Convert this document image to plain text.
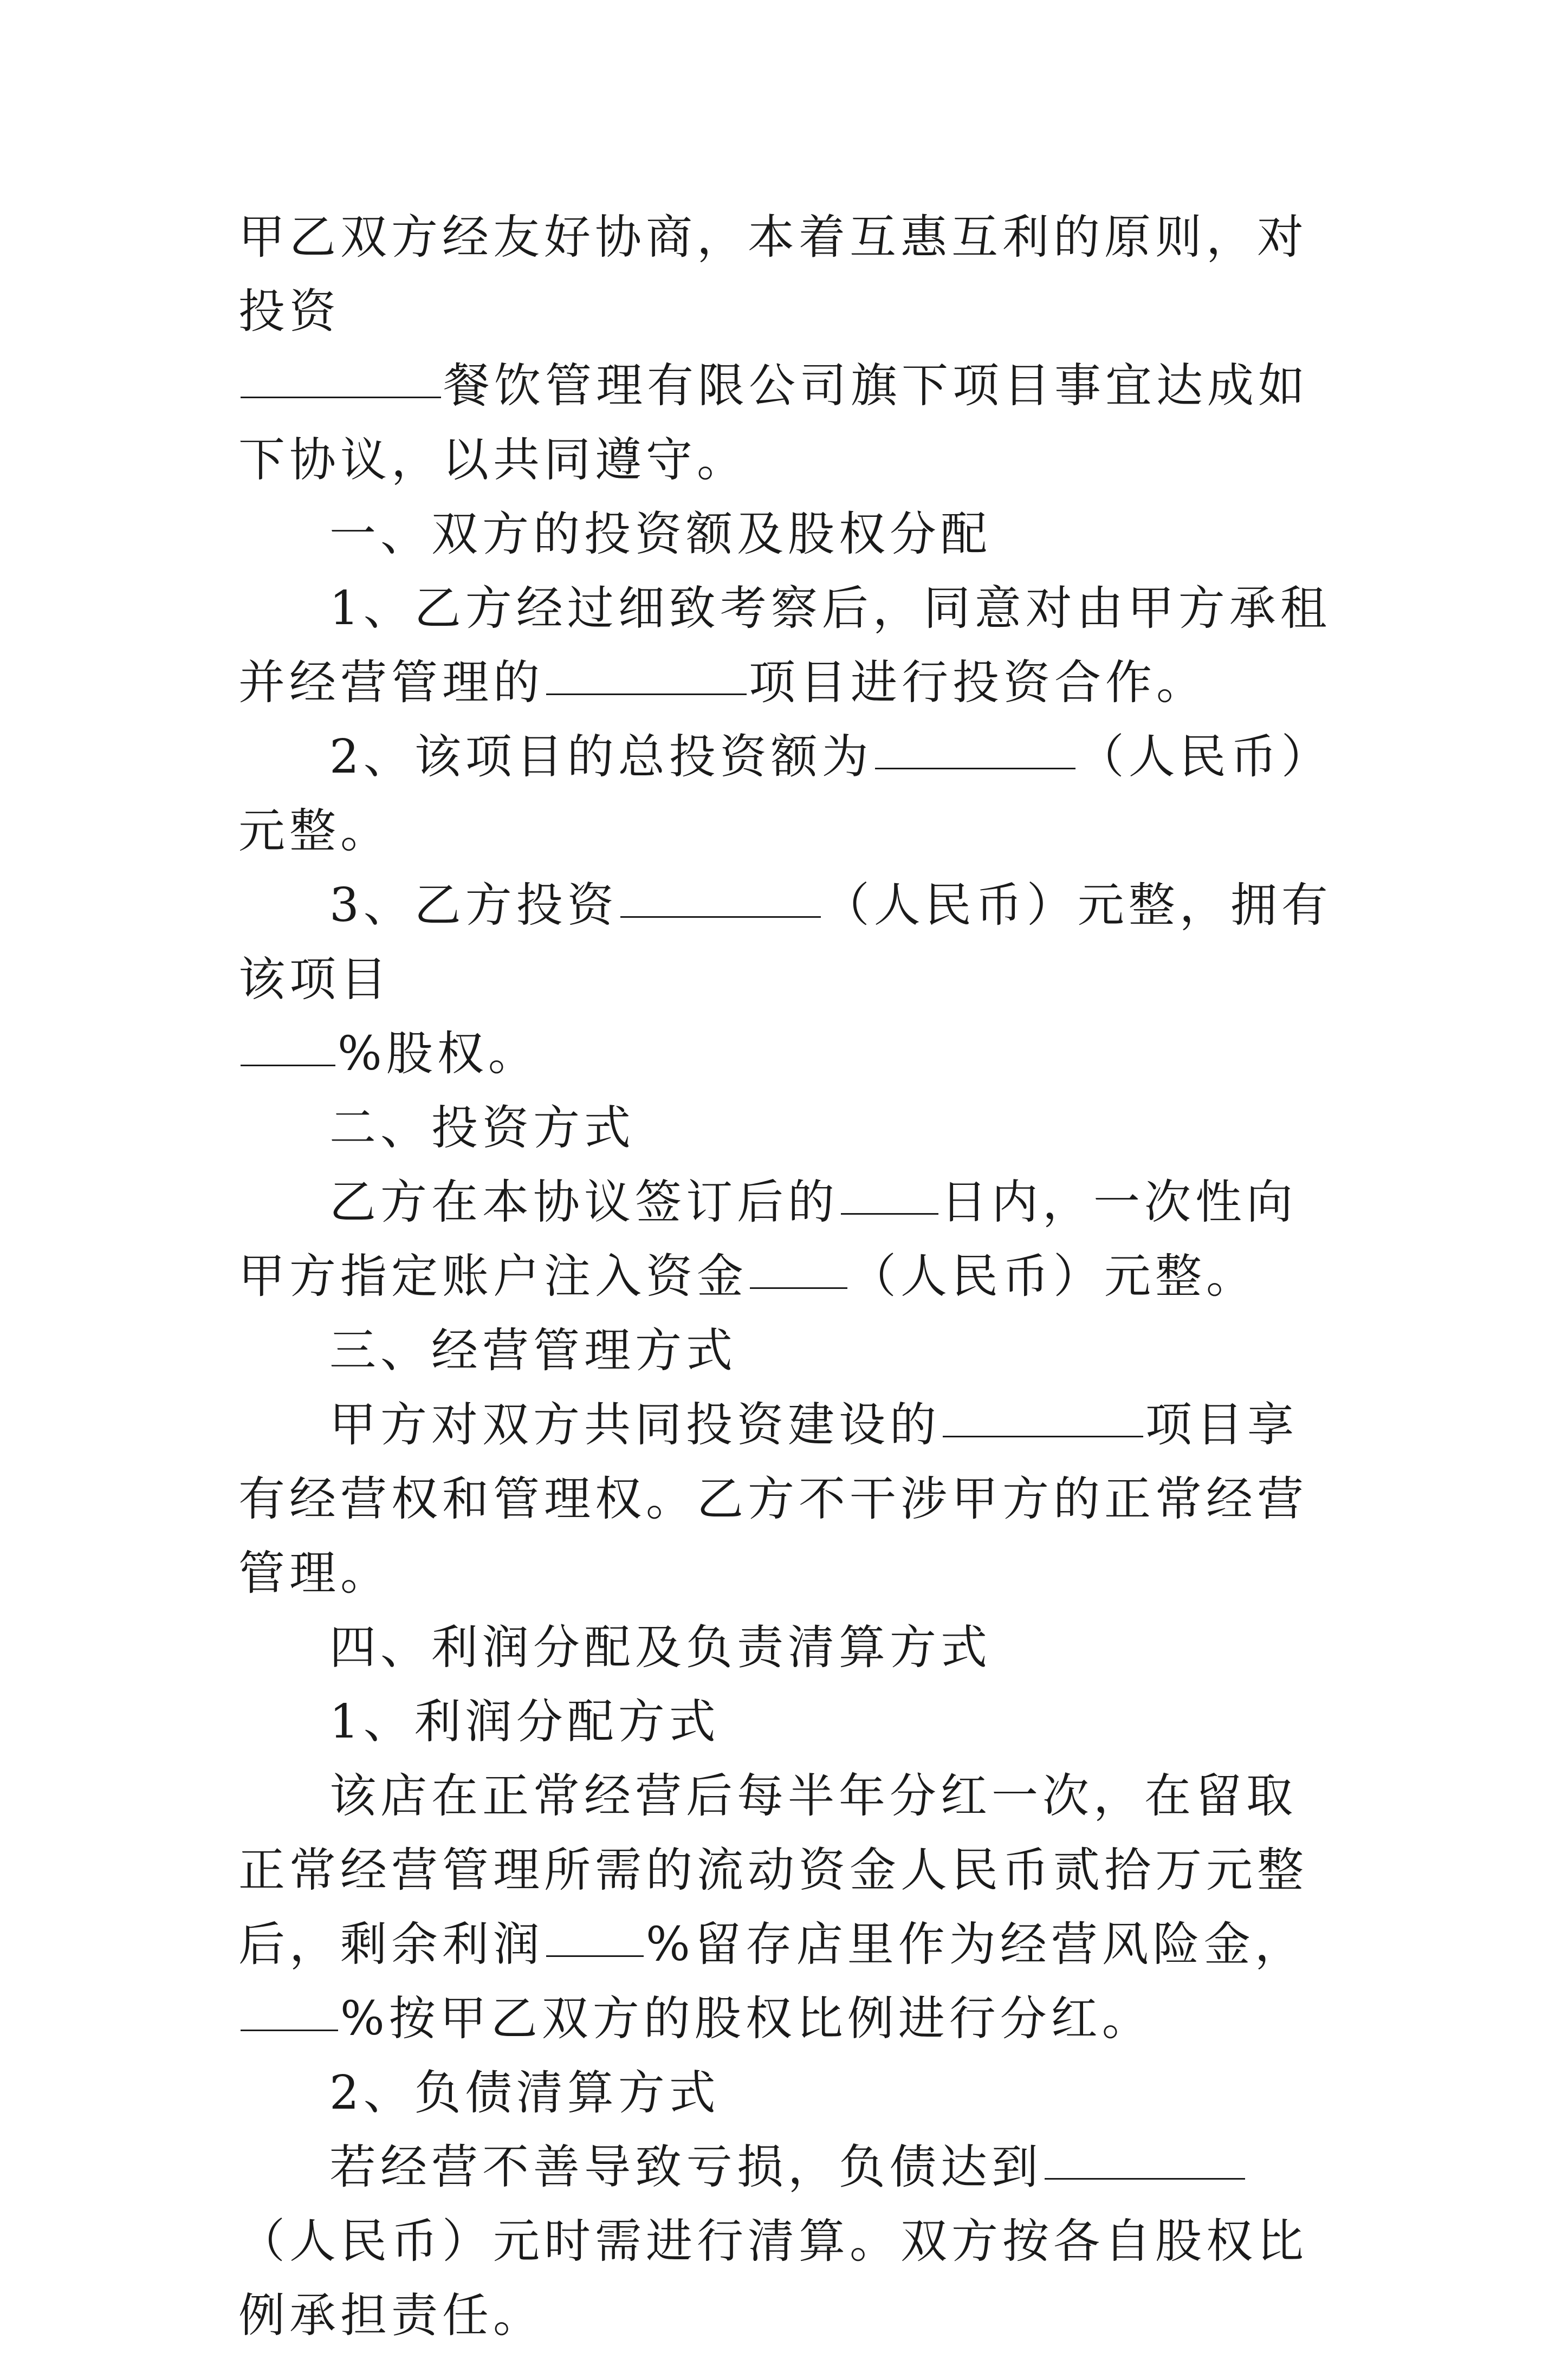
甲乙双方经友好协商，本着互惠互利的原则，对投资
餐饮管理有限公司旗下项目事宜达成如下协议，以共同遵守。

一、双方的投资额及股权分配

1、乙方经过细致考察后，同意对由甲方承租并经营管理的	项目进行投资合作。

2、该项目的总投资额为	（人民币）元整。

3、乙方投资	（人民币）元整，拥有该项目
%股权。

二、投资方式

乙方在本协议签订后的 日内，一次性向甲方指定账户注入资金 （人民币）元整。

三、经营管理方式

甲方对双方共同投资建设的	项目享有经营权和管理权。乙方不干涉甲方的正常经营管理。

四、利润分配及负责清算方式

1、利润分配方式

该店在正常经营后每半年分红一次，在留取正常经营管理所需的流动资金人民币贰拾万元整后，剩余利润 %留存店里作为经营风险金，%按甲乙双方的股权比例进行分红。

2、负债清算方式

若经营不善导致亏损，负债达到（人民币）元时需进行清算。双方按各自股权比例承担责任。
